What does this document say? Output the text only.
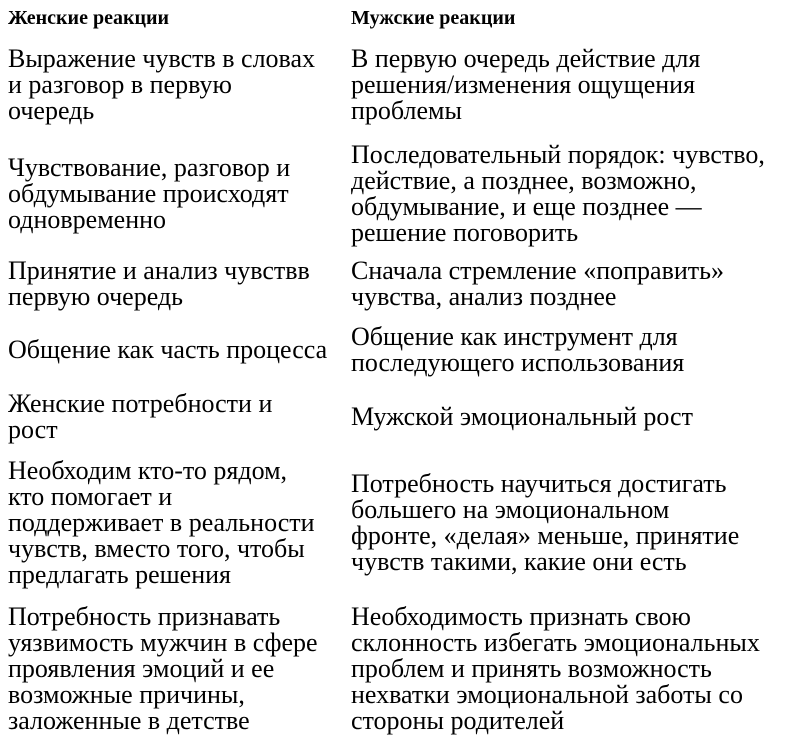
Женские реакции	Мужские реакции
Выражение чувств в словах
и разговор в первую
очередь
В первую очередь действие для
решения/изменения ощущения
проблемы
Чувствование, разговор и
обдумывание происходят
одновременно
Последовательный порядок: чувство,
действие, а позднее, возможно,
обдумывание, и еще позднее —
решение поговорить
Принятие и анализ чувствв
первую очередь
Сначала стремление «поправить»
чувства, анализ позднее
Общение как часть процесса Общение как инструмент для
последующего использования
Женские потребности и
рост	Мужской эмоциональный рост
Необходим кто-то рядом,
кто помогает и
поддерживает в реальности
чувств, вместо того, чтобы
предлагать решения
Потребность научиться достигать
большего на эмоциональном
фронте, «делая» меньше, принятие
чувств такими, какие они есть
Потребность признавать
уязвимость мужчин в сфере
проявления эмоций и ее
возможные причины,
заложенные в детстве
Необходимость признать свою
склонность избегать эмоциональных
проблем и принять возможность
нехватки эмоциональной заботы со
стороны родителей
